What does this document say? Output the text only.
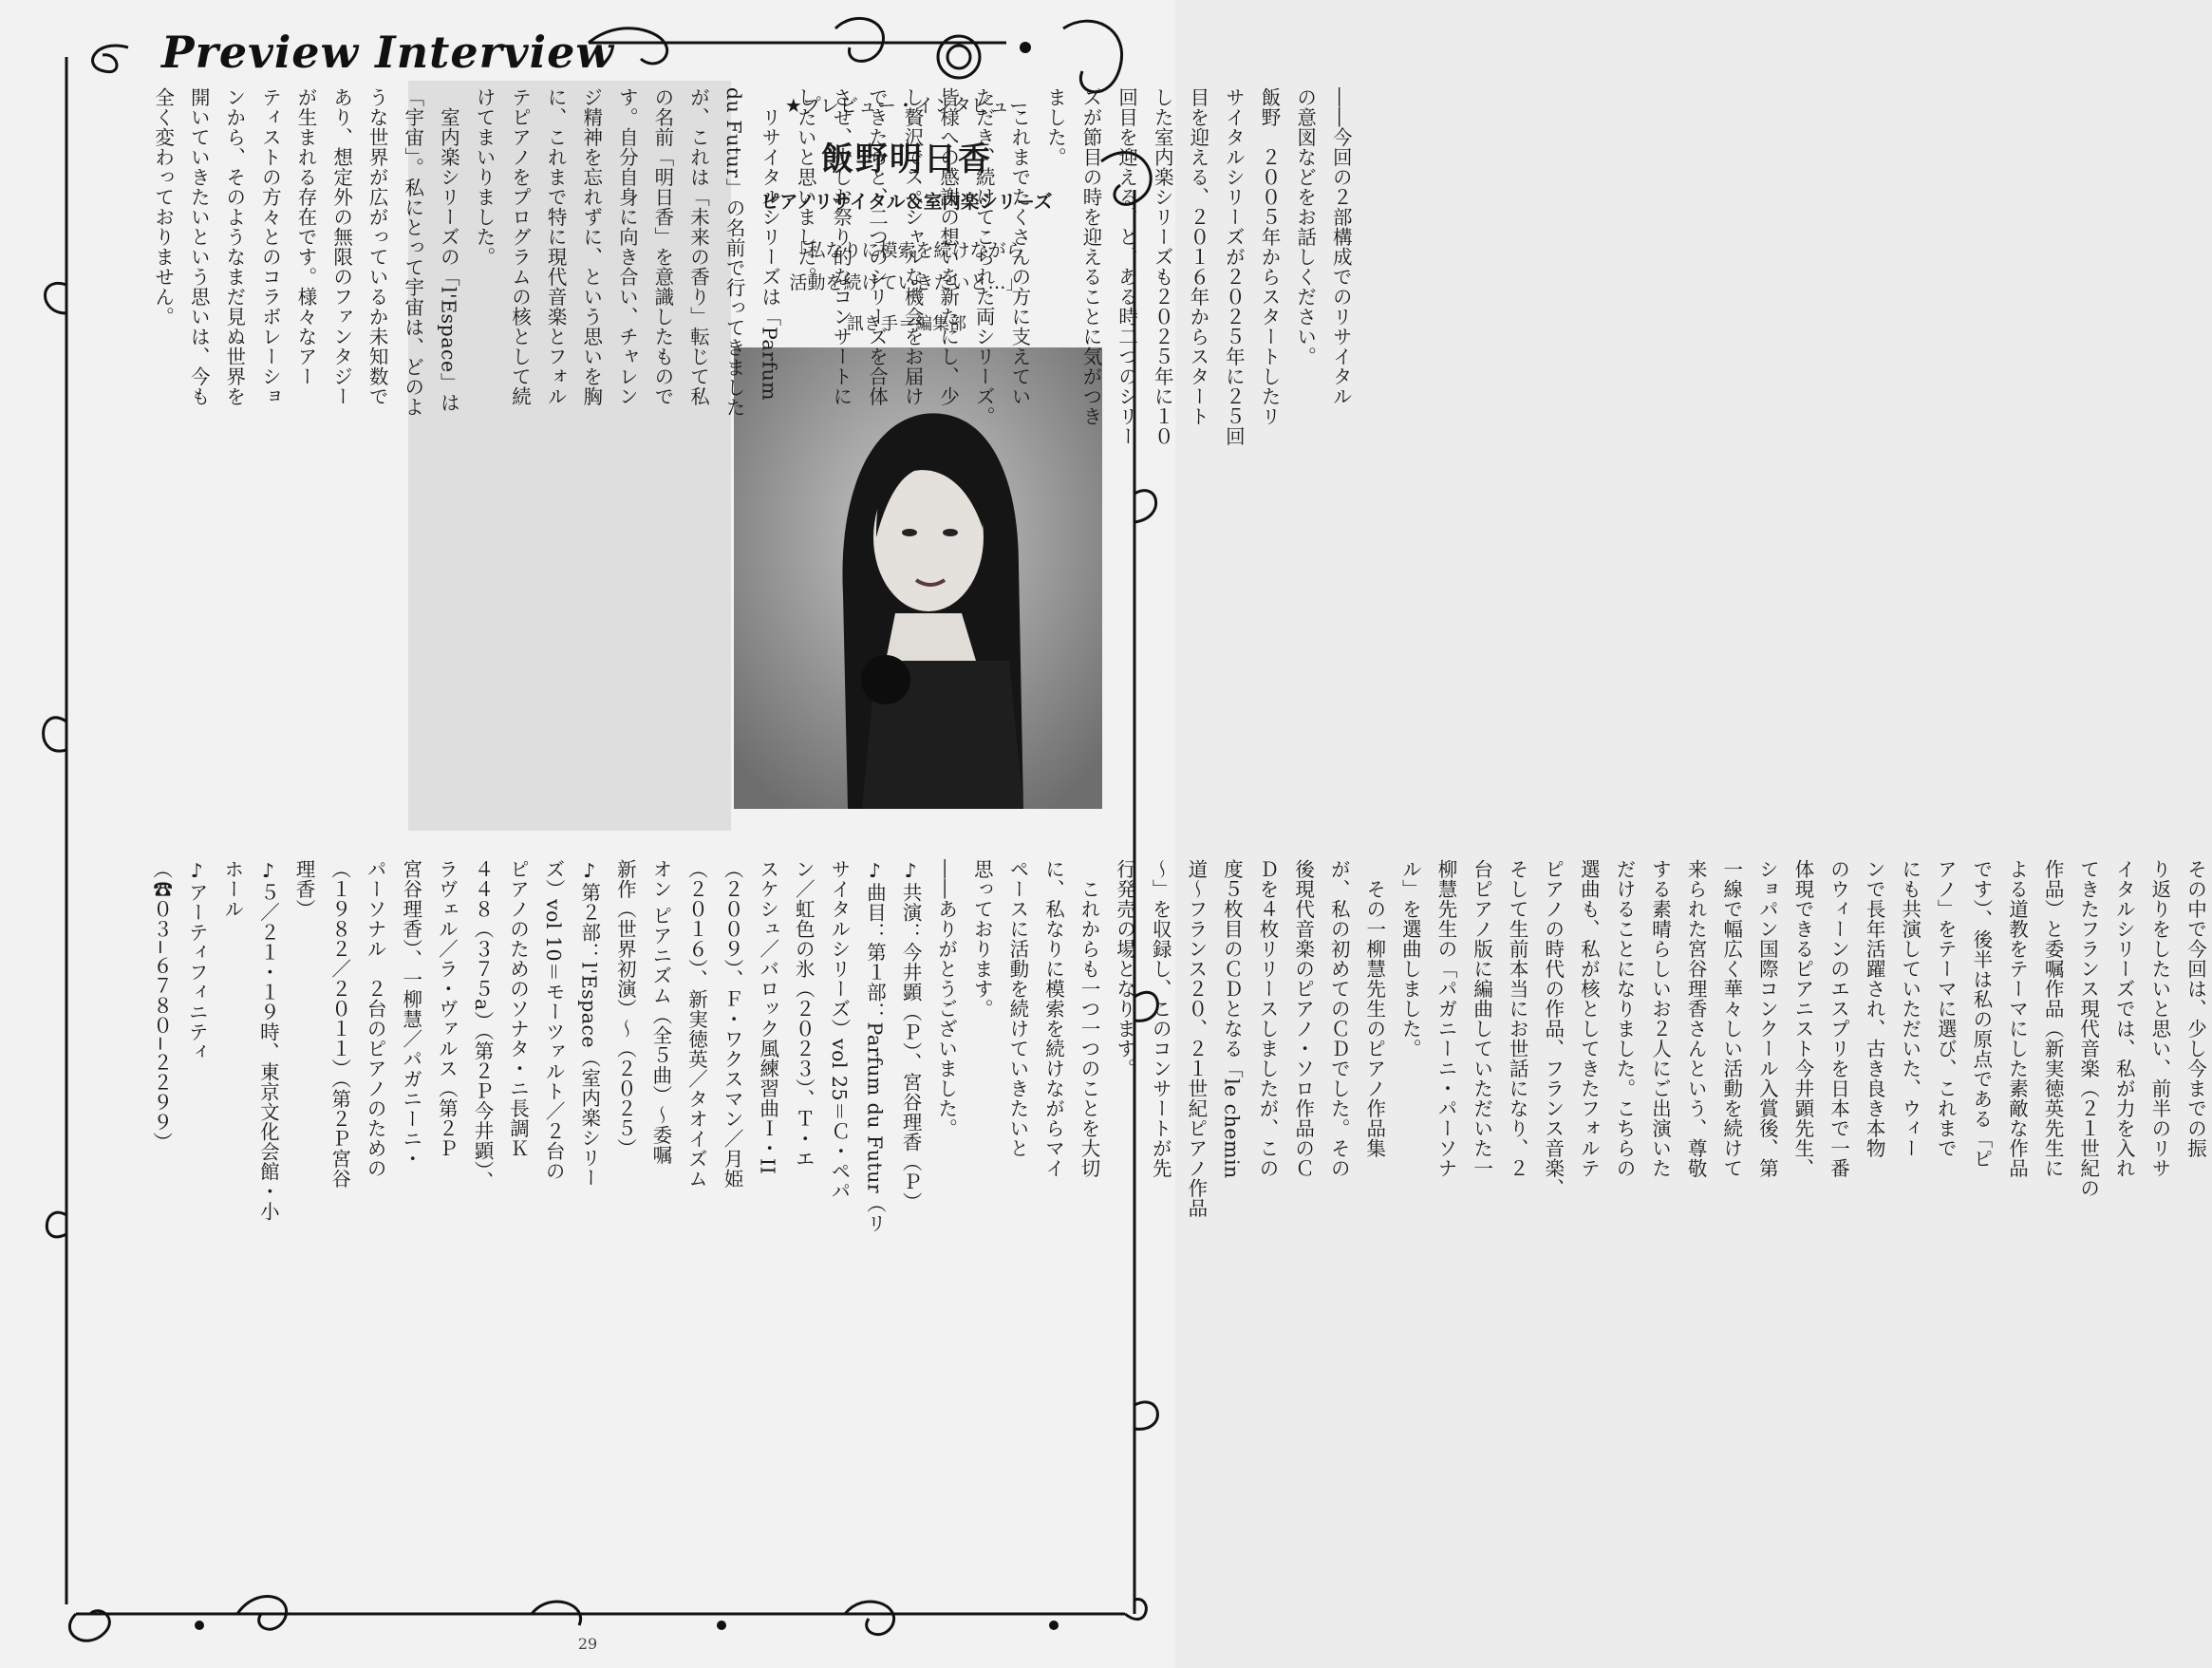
Preview Interview
★プレビュー・インタビュー
飯野明日香
ピアノリサイタル＆室内楽シリーズ
「私なりに模索を続けながら
活動を続けていきたいと…」
訊き手＝編集部	――今回の２部構成でのリサイタル
の意図などをお話しください。
飯野　２００５年からスタートしたリ
サイタルシリーズが２０２５年に２５回
目を迎える、２０１６年からスタート
した室内楽シリーズも２０２５年に１０
回目を迎える、と、ある時二つのシリー
ズが節目の時を迎えることに気がつき
ました。
　これまでたくさんの方に支えてい
ただき、続けてこられた両シリーズ。
皆様への感謝の想いを新たにし、少
し贅沢でスペシャルな機会をお届け
できたらと、二つのシリーズを合体
させ、少しお祭り的なコンサートに
したいと思いました。
　リサイタルシリーズは「Parfum
du Futur」の名前で行ってきました
が、これは「未来の香り」転じて私
の名前「明日香」を意識したもので
す。自分自身に向き合い、チャレン
ジ精神を忘れずに、という思いを胸
に、これまで特に現代音楽とフォル
テピアノをプログラムの核として続
けてまいりました。
　室内楽シリーズの「l'Espace」は
「宇宙」。私にとって宇宙は、どのよ
うな世界が広がっているか未知数で
あり、想定外の無限のファンタジー
が生まれる存在です。様々なアー
ティストの方々とのコラボレーショ
ンから、そのようなまだ見ぬ世界を
開いていきたいという思いは、今も
全く変わっておりません。
その中で今回は、少し今までの振
り返りをしたいと思い、前半のリサ
イタルシリーズでは、私が力を入れ
てきたフランス現代音楽（２１世紀の
作品）と委嘱作品（新実徳英先生に
よる道教をテーマにした素敵な作品
です）、後半は私の原点である「ピ
アノ」をテーマに選び、これまで
にも共演していただいた、ウィー
ンで長年活躍され、古き良き本物
のウィーンのエスプリを日本で一番
体現できるピアニスト今井顕先生、
ショパン国際コンクール入賞後、第
一線で幅広く華々しい活動を続けて
来られた宮谷理香さんという、尊敬
する素晴らしいお２人にご出演いた
だけることになりました。こちらの
選曲も、私が核としてきたフォルテ
ピアノの時代の作品、フランス音楽、
そして生前本当にお世話になり、２
台ピアノ版に編曲していただいた一
柳慧先生の「パガニーニ・パーソナ
ル」を選曲しました。
　その一柳慧先生のピアノ作品集
が、私の初めてのＣＤでした。その
後現代音楽のピアノ・ソロ作品のＣ
Ｄを４枚リリースしましたが、この
度５枚目のＣＤとなる「le chemin
道〜フランス２０、２１世紀ピアノ作品
〜」を収録し、このコンサートが先
行発売の場となります。
　これからも一つ一つのことを大切
に、私なりに模索を続けながらマイ
ペースに活動を続けていきたいと
思っております。
――ありがとうございました。
♪共演：今井顕（Ｐ）、宮谷理香（Ｐ）
♪曲目：第１部：Parfum du Futur（リ
サイタルシリーズ）vol 25＝Ｃ・ペパ
ン／虹色の氷（２０２３）、Ｔ・エ
スケシュ／バロック風練習曲Ｉ・II
（２００９）、Ｆ・ワクスマン／月姫
（２０１６）、新実徳英／タオイズム
オン ピアニズム（全５曲）〜委嘱
新作（世界初演）〜（２０２５）
♪第２部：l'Espace（室内楽シリー
ズ）vol 10＝モーツァルト／２台の
ピアノのためのソナタ・ニ長調Ｋ
４４８（３７５a）（第２Ｐ今井顕）、
ラヴェル／ラ・ヴァルス（第２Ｐ
宮谷理香）、一柳慧／パガニーニ・
パーソナル　２台のピアノのための
（１９８２／２０１１）（第２Ｐ宮谷
理香）
♪５／２１・１９時、東京文化会館・小
ホール
♪アーティフィニティ
（☎０３−６７８０−２２９９）
29
